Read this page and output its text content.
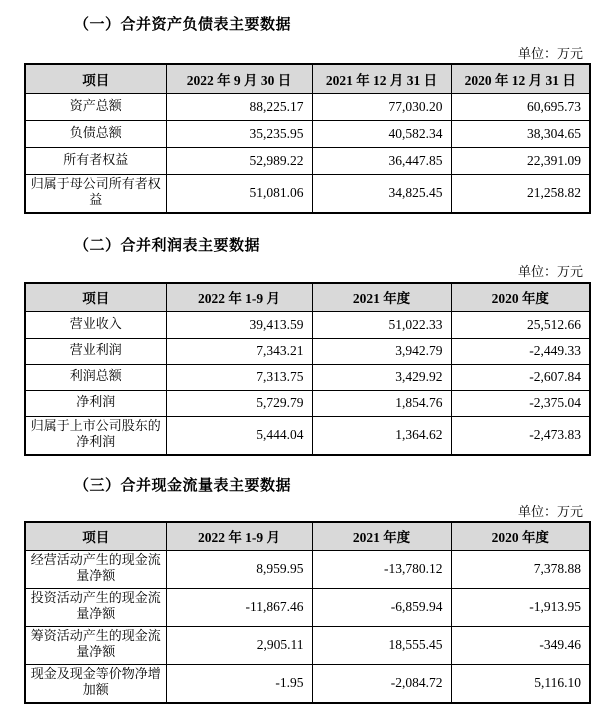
（一）合并资产负债表主要数据
单位：万元
项目	2022 年 9 月 30 日	2021 年 12 月 31 日	2020 年 12 月 31 日
资产总额	88,225.17	77,030.20	60,695.73
负债总额	35,235.95	40,582.34	38,304.65
所有者权益	52,989.22	36,447.85	22,391.09
归属于母公司所有者权益	51,081.06	34,825.45	21,258.82
（二）合并利润表主要数据
单位：万元
项目	2022 年 1-9 月	2021 年度	2020 年度
营业收入	39,413.59	51,022.33	25,512.66
营业利润	7,343.21	3,942.79	-2,449.33
利润总额	7,313.75	3,429.92	-2,607.84
净利润	5,729.79	1,854.76	-2,375.04
归属于上市公司股东的净利润	5,444.04	1,364.62	-2,473.83
（三）合并现金流量表主要数据
单位：万元
项目	2022 年 1-9 月	2021 年度	2020 年度
经营活动产生的现金流量净额	8,959.95	-13,780.12	7,378.88
投资活动产生的现金流量净额	-11,867.46	-6,859.94	-1,913.95
筹资活动产生的现金流量净额	2,905.11	18,555.45	-349.46
现金及现金等价物净增加额	-1.95	-2,084.72	5,116.10
